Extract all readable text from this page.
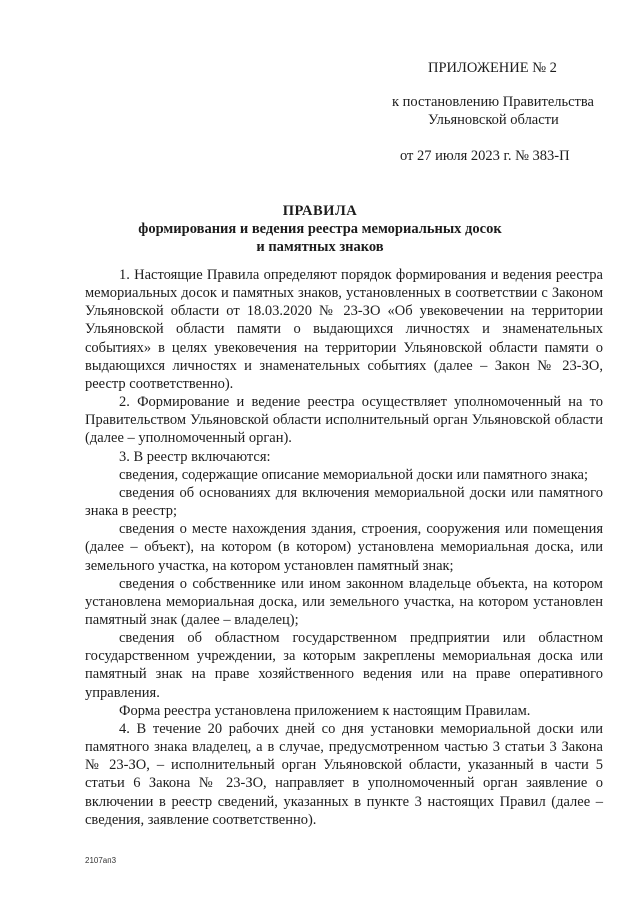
ПРИЛОЖЕНИЕ № 2
к постановлению Правительства
Ульяновской области
от 27 июля 2023 г. № 383-П
ПРАВИЛА
формирования и ведения реестра мемориальных досок
и памятных знаков

1. Настоящие Правила определяют порядок формирования и ведения реестра мемориальных досок и памятных знаков, установленных в соответствии с Законом Ульяновской области от 18.03.2020 № 23-ЗО «Об увековечении на территории Ульяновской области памяти о выдающихся личностях и знаменательных событиях» в целях увековечения на территории Ульяновской области памяти о выдающихся личностях и знаменательных событиях (далее – Закон № 23-ЗО, реестр соответственно).

2. Формирование и ведение реестра осуществляет уполномоченный на то Правительством Ульяновской области исполнительный орган Ульяновской области (далее – уполномоченный орган).

3. В реестр включаются:

сведения, содержащие описание мемориальной доски или памятного знака;

сведения об основаниях для включения мемориальной доски или памятного знака в реестр;

сведения о месте нахождения здания, строения, сооружения или помещения (далее – объект), на котором (в котором) установлена мемориальная доска, или земельного участка, на котором установлен памятный знак;

сведения о собственнике или ином законном владельце объекта, на котором установлена мемориальная доска, или земельного участка, на котором установлен памятный знак (далее – владелец);

сведения об областном государственном предприятии или областном государственном учреждении, за которым закреплены мемориальная доска или памятный знак на праве хозяйственного ведения или на праве оперативного управления.

Форма реестра установлена приложением к настоящим Правилам.

4. В течение 20 рабочих дней со дня установки мемориальной доски или памятного знака владелец, а в случае, предусмотренном частью 3 статьи 3 Закона № 23-ЗО, – исполнительный орган Ульяновской области, указанный в части 5 статьи 6 Закона № 23-ЗО, направляет в уполномоченный орган заявление о включении в реестр сведений, указанных в пункте 3 настоящих Правил (далее – сведения, заявление соответственно).

2107ап3
